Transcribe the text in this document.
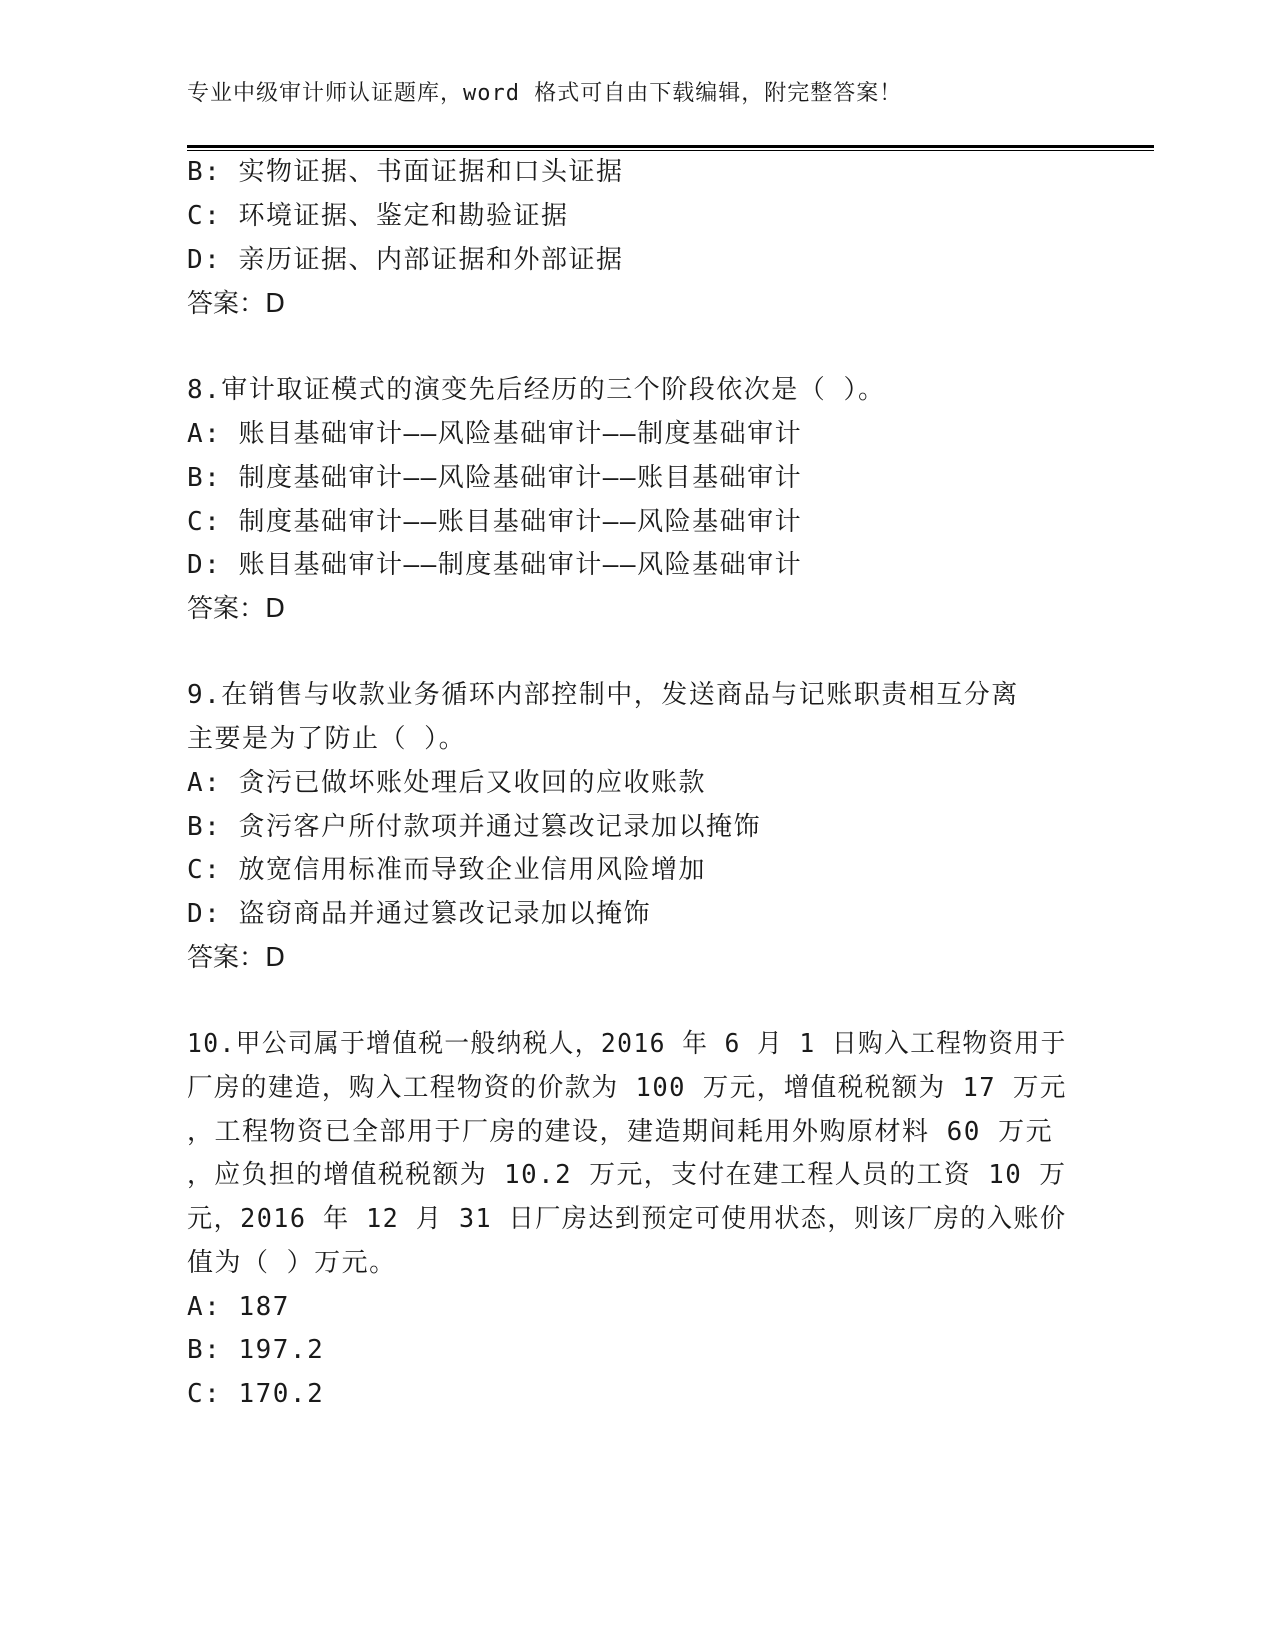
专业中级审计师认证题库，word 格式可自由下载编辑，附完整答案！
B: 实物证据、书面证据和口头证据
C: 环境证据、鉴定和勘验证据
D: 亲历证据、内部证据和外部证据
答案：D
8.审计取证模式的演变先后经历的三个阶段依次是（ ）。
A: 账目基础审计——风险基础审计——制度基础审计
B: 制度基础审计——风险基础审计——账目基础审计
C: 制度基础审计——账目基础审计——风险基础审计
D: 账目基础审计——制度基础审计——风险基础审计
答案：D
9.在销售与收款业务循环内部控制中，发送商品与记账职责相互分离
主要是为了防止（ ）。
A: 贪污已做坏账处理后又收回的应收账款
B: 贪污客户所付款项并通过篡改记录加以掩饰
C: 放宽信用标准而导致企业信用风险增加
D: 盗窃商品并通过篡改记录加以掩饰
答案：D
10.甲公司属于增值税一般纳税人，2016 年 6 月 1 日购入工程物资用于
厂房的建造，购入工程物资的价款为 100 万元，增值税税额为 17 万元
，工程物资已全部用于厂房的建设，建造期间耗用外购原材料 60 万元
，应负担的增值税税额为 10.2 万元，支付在建工程人员的工资 10 万
元，2016 年 12 月 31 日厂房达到预定可使用状态，则该厂房的入账价
值为（ ）万元。
A: 187
B: 197.2
C: 170.2
